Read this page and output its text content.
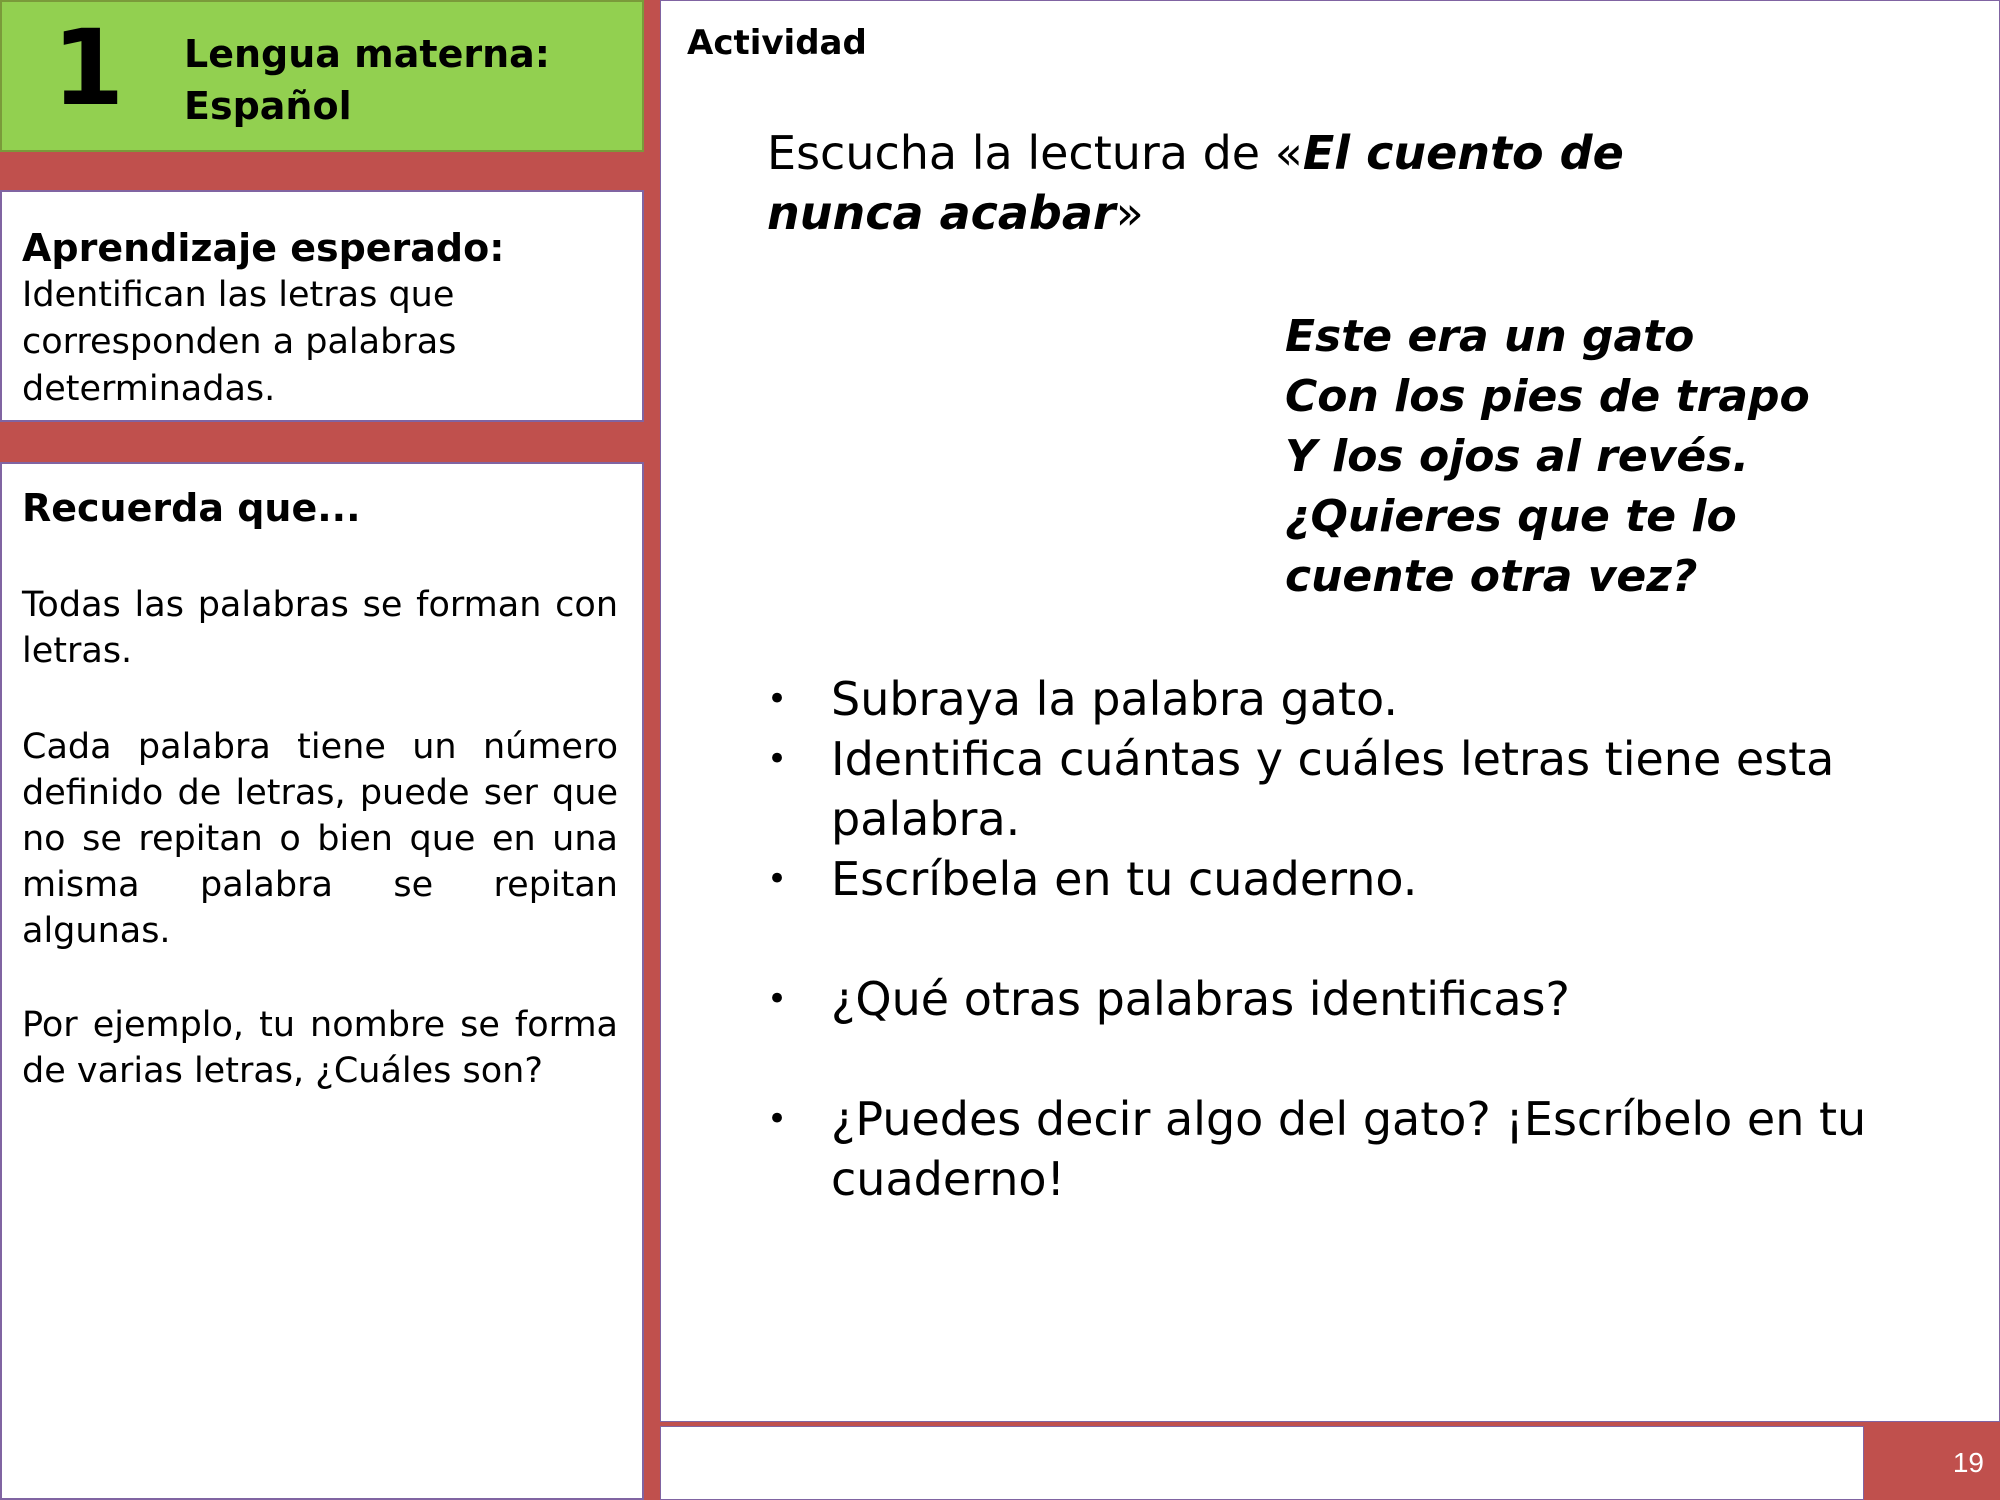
1 Lengua materna:
Español
Aprendizaje esperado:
Identifican las letras que corresponden a palabras determinadas.
Recuerda que...
Todas las palabras se forman con letras.
Cada palabra tiene un número definido de letras, puede ser que no se repitan o bien que en una misma palabra se repitan algunas.
Por ejemplo, tu nombre se forma de varias letras, ¿Cuáles son?
Actividad
Escucha la lectura de «El cuento de nunca acabar»
Este era un gato
Con los pies de trapo
Y los ojos al revés.
¿Quieres que te lo
cuente otra vez?
• Subraya la palabra gato.
• Identifica cuántas y cuáles letras tiene esta palabra.
• Escríbela en tu cuaderno.
• ¿Qué otras palabras identificas?
• ¿Puedes decir algo del gato? ¡Escríbelo en tu cuaderno!
19
